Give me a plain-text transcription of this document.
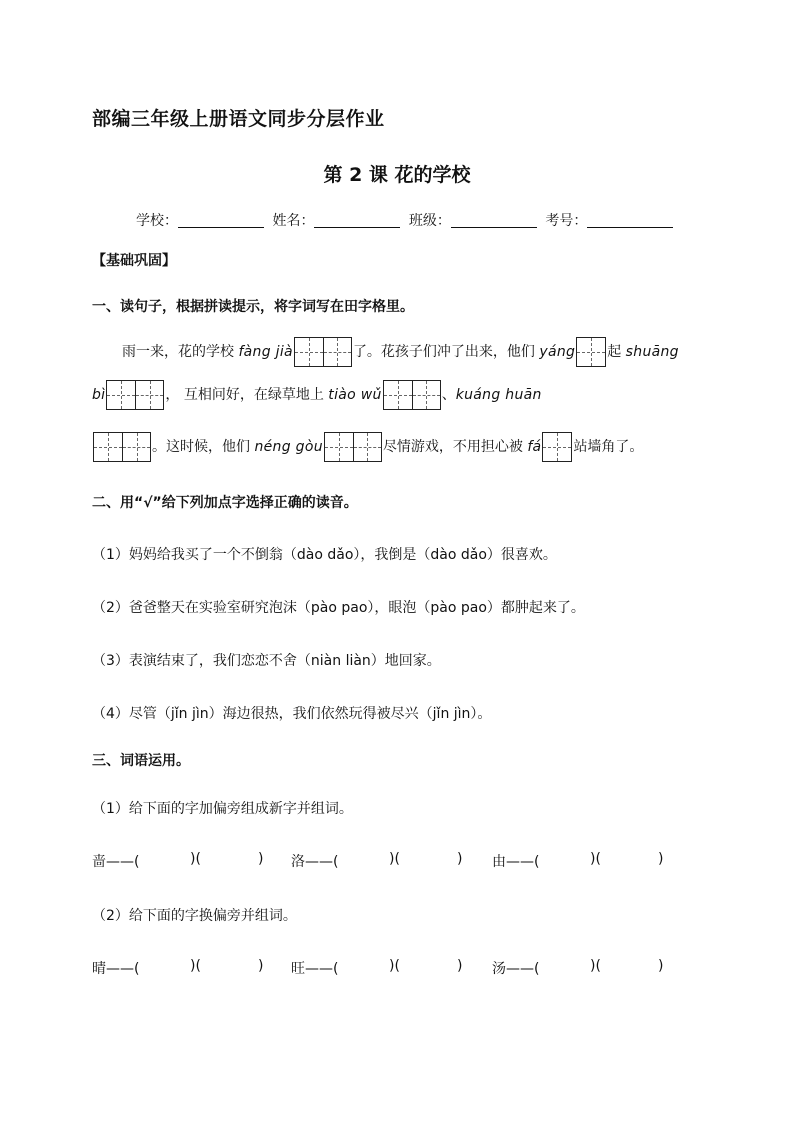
部编三年级上册语文同步分层作业
第 2 课 花的学校
学校：	姓名：	班级：	考号：
【基础巩固】
一、读句子，根据拼读提示，将字词写在田字格里。
雨一来，花的学校 fàng jià	了。花孩子们冲了出来，他们 yáng 起 shuāng
bì	， 互相问好，在绿草地上 tiào wǔ	、kuáng huān
。这时候，他们 néng gòu	尽情游戏，不用担心被 fá 站墙角了。
二、用“√”给下列加点字选择正确的读音。
（1）妈妈给我买了一个不倒翁（dào dǎo），我倒是（dào dǎo）很喜欢。
（2）爸爸整天在实验室研究泡沫（pào pao），眼泡（pào pao）都肿起来了。
（3）表演结束了，我们恋恋不舍（niàn liàn）地回家。
（4）尽管（jǐn jìn）海边很热，我们依然玩得被尽兴（jǐn jìn）。
三、词语运用。
（1）给下面的字加偏旁组成新字并组词。
啬——(	)(	) 洛——(	)(	) 由——(	)(	)
（2）给下面的字换偏旁并组词。
晴——(	)(	) 旺——(	)(	) 汤——(	)(	)
